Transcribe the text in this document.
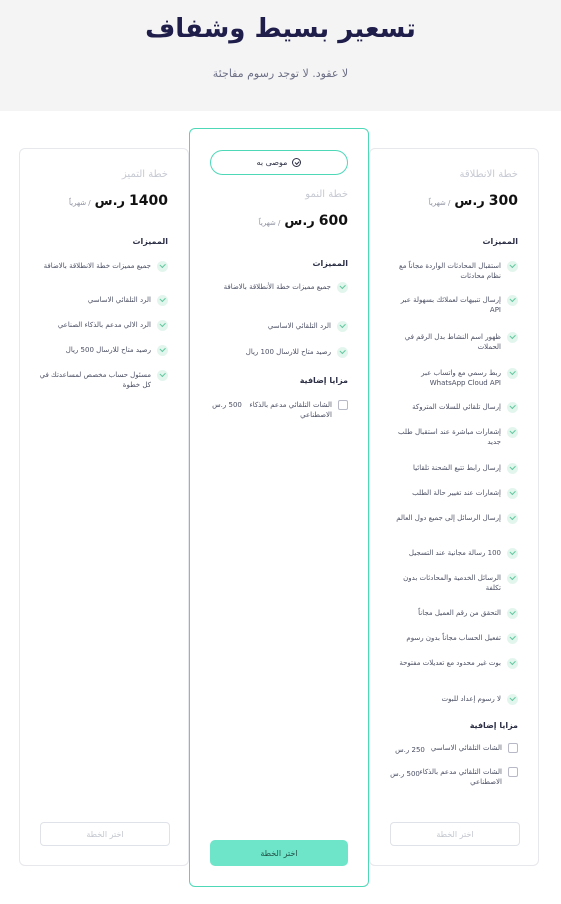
تسعير بسيط وشفاف
لا عقود. لا توجد رسوم مفاجئة
خطة الانطلاقة
300
ر.س
/ شهرياً
المميزات
استقبال المحادثات الواردة مجاناً مع نظام محادثات
إرسال تنبيهات لعملائك بسهولة عبر API
ظهور اسم النشاط بدل الرقم في الحملات
ربط رسمي مع واتساب عبر WhatsApp Cloud API
إرسال تلقائي للسلات المتروكة
إشعارات مباشرة عند استقبال طلب جديد
إرسال رابط تتبع الشحنة تلقائيا
إشعارات عند تغيير حالة الطلب
إرسال الرسائل إلى جميع دول العالم
100 رسالة مجانية عند التسجيل
الرسائل الخدمية والمحادثات بدون تكلفة
التحقق من رقم العميل مجاناً
تفعيل الحساب مجاناً بدون رسوم
بوت غير محدود مع تعديلات مفتوحة
لا رسوم إعداد للبوت
مزايا إضافية
الشات التلقائي الاساسي
250 ر.س
الشات التلقائي مدعم بالذكاء الاصطناعي
500 ر.س
اختر الخطة
موصى به
خطة النمو
600
ر.س
/ شهرياً
المميزات
جميع مميزات خطة الأنطلاقة بالاضافة
الرد التلقائي الاساسي
رصيد متاح للارسال 100 ريال
مزايا إضافية
الشات التلقائي مدعم بالذكاء الاصطناعي
500 ر.س
اختر الخطة
خطة التميز
1400
ر.س
/ شهرياً
المميزات
جميع مميزات خطة الانطلاقة بالاضافة
الرد التلقائي الاساسي
الرد الالي مدعم بالذكاء الصناعي
رصيد متاح للارسال 500 ريال
مسئول حساب مخصص لمساعدتك في كل خطوة
اختر الخطة
